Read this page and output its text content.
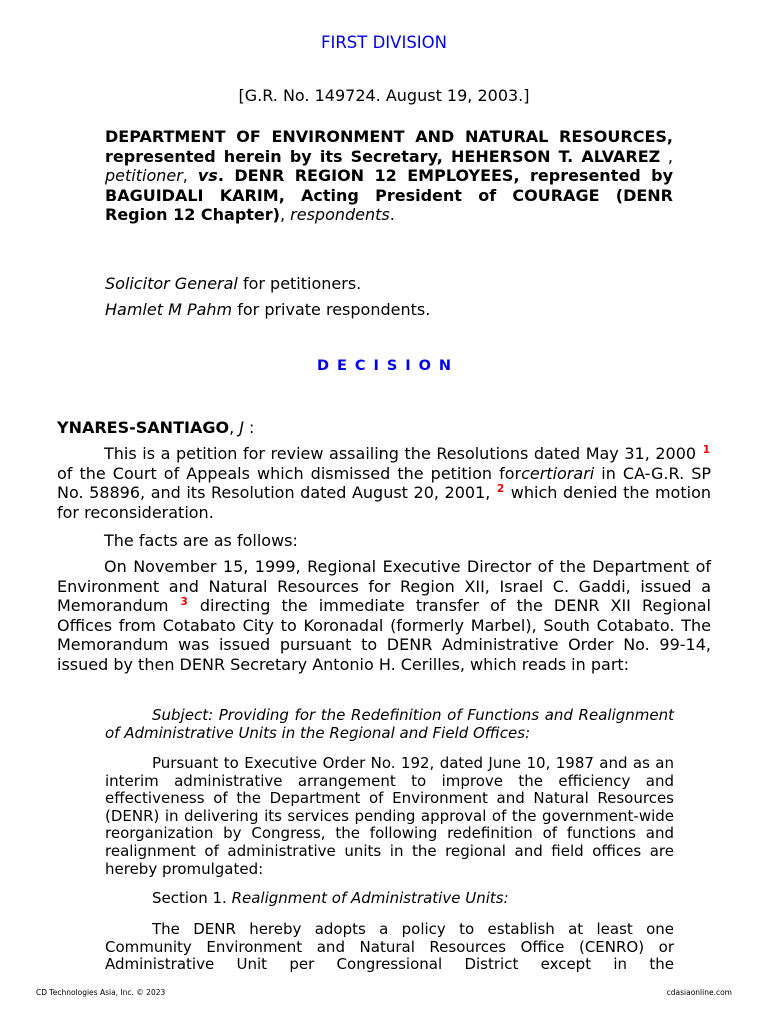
FIRST DIVISION
[G.R. No. 149724. August 19, 2003.]
DEPARTMENT OF ENVIRONMENT AND NATURAL RESOURCES, represented herein by its Secretary, HEHERSON T. ALVAREZ , petitioner, vs. DENR REGION 12 EMPLOYEES, represented by BAGUIDALI KARIM, Acting President of COURAGE (DENR Region 12 Chapter), respondents.
Solicitor General for petitioners.
Hamlet M Pahm for private respondents.
DECISION
YNARES-SANTIAGO, J :
This is a petition for review assailing the Resolutions dated May 31, 2000 $^1$ of the Court of Appeals which dismissed the petition forcertiorari in CA-G.R. SP No. 58896, and its Resolution dated August 20, 2001, $^2$ which denied the motion for reconsideration.
The facts are as follows:
On November 15, 1999, Regional Executive Director of the Department of Environment and Natural Resources for Region XII, Israel C. Gaddi, issued a Memorandum $^3$ directing the immediate transfer of the DENR XII Regional Offices from Cotabato City to Koronadal (formerly Marbel), South Cotabato. The Memorandum was issued pursuant to DENR Administrative Order No. 99-14, issued by then DENR Secretary Antonio H. Cerilles, which reads in part:
Subject: Providing for the Redefinition of Functions and Realignment of Administrative Units in the Regional and Field Offices:
Pursuant to Executive Order No. 192, dated June 10, 1987 and as an interim administrative arrangement to improve the efficiency and effectiveness of the Department of Environment and Natural Resources (DENR) in delivering its services pending approval of the government-wide reorganization by Congress, the following redefinition of functions and realignment of administrative units in the regional and field offices are hereby promulgated:
Section 1. Realignment of Administrative Units:
The DENR hereby adopts a policy to establish at least one Community Environment and Natural Resources Office (CENRO) or Administrative Unit per Congressional District except in the
CD Technologies Asia, Inc. © 2023	cdasiaonline.com
